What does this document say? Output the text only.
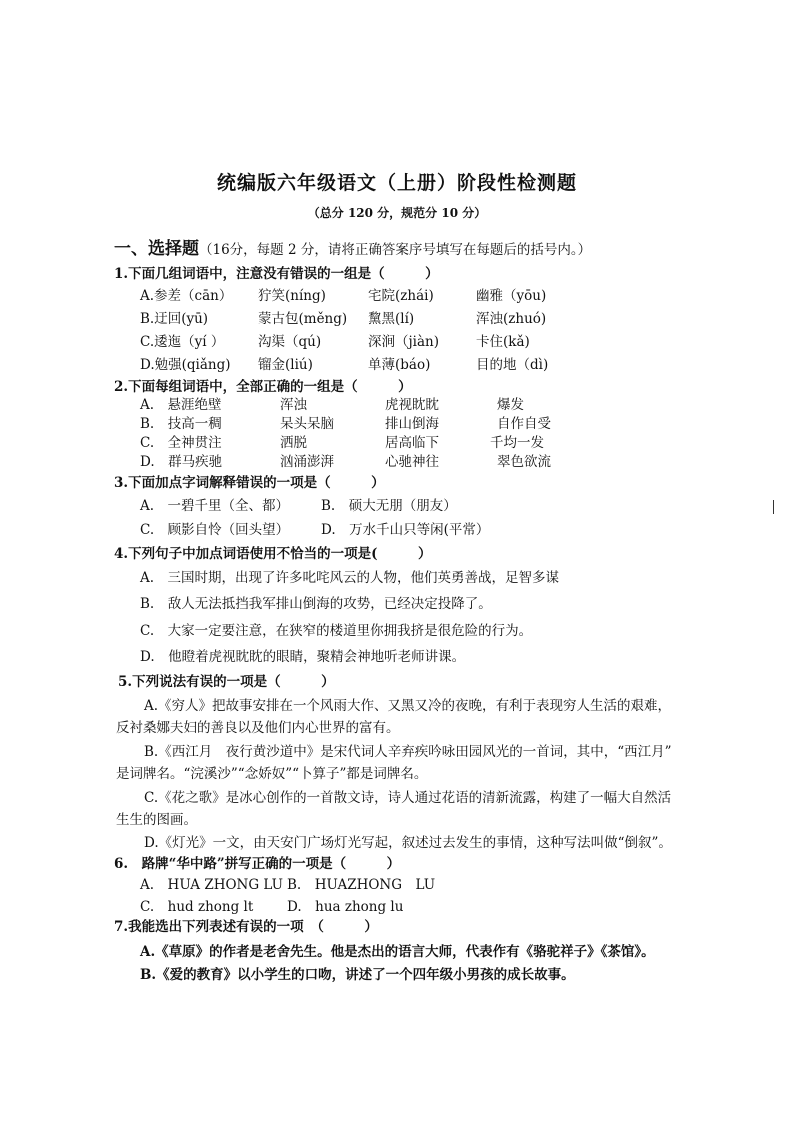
统编版六年级语文（上册）阶段性检测题
（总分 120 分，规范分 10 分）
一、选择题（16分，每题 2 分，请将正确答案序号填写在每题后的括号内。）
1.下面几组词语中，注意没有错误的一组是（　　　）
A.参差（cān） 狞笑(níng)	宅院(zhái)	幽雅（yōu)
B.迂回(yū)	蒙古包(měng) 黧黑(lí)	浑浊(zhuó)
C.逶迤（yí ） 沟渠（qú)	深涧（jiàn)	卡住(kǎ)
D.勉强(qiǎng) 镏金(liú)	单薄(báo)	目的地（dì)
2.下面每组词语中，全部正确的一组是（　　　）
A.　悬涯绝壁	浑浊	虎视眈眈	爆发
B.　技高一稠	呆头呆脑	排山倒海	自作自受
C.　全神贯注	洒脱	居高临下	千均一发
D.　群马疾驰	汹涌澎湃	心驰神往	翠色欲流
3.下面加点字词解释错误的一项是（　　　）
A.　一碧千里（全、都） B.　硕大无朋（朋友）
C.　顾影自怜（回头望） D.　万水千山只等闲(平常）
4.下列句子中加点词语使用不恰当的一项是(　　　）
A.　三国时期，出现了许多叱咤风云的人物，他们英勇善战，足智多谋
B.　敌人无法抵挡我军排山倒海的攻势，已经决定投降了。
C.　大家一定要注意，在狭窄的楼道里你拥我挤是很危险的行为。
D.　他瞪着虎视眈眈的眼睛，聚精会神地听老师讲课。
5.下列说法有误的一项是（　　　）
A.《穷人》把故事安排在一个风雨大作、又黑又冷的夜晚，有利于表现穷人生活的艰难，
反衬桑娜夫妇的善良以及他们内心世界的富有。
B.《西江月　夜行黄沙道中》是宋代词人辛弃疾吟咏田园风光的一首词，其中，“西江月”
是词牌名。“浣溪沙”“念娇奴”“卜算子”都是词牌名。
C.《花之歌》是冰心创作的一首散文诗，诗人通过花语的清新流露，构建了一幅大自然活
生生的图画。
D.《灯光》一文，由天安门广场灯光写起，叙述过去发生的事情，这种写法叫做“倒叙”。
6.　路牌“华中路”拼写正确的一项是（　　　）
A.　HUA ZHONG LU B.　HUAZHONG　LU
C.　hud zhong lt D.　hua zhong lu
7.我能选出下列表述有误的一项　（　　　）
A.《草原》的作者是老舍先生。他是杰出的语言大师，代表作有《骆驼祥子》《茶馆》。
B.《爱的教育》以小学生的口吻，讲述了一个四年级小男孩的成长故事。
